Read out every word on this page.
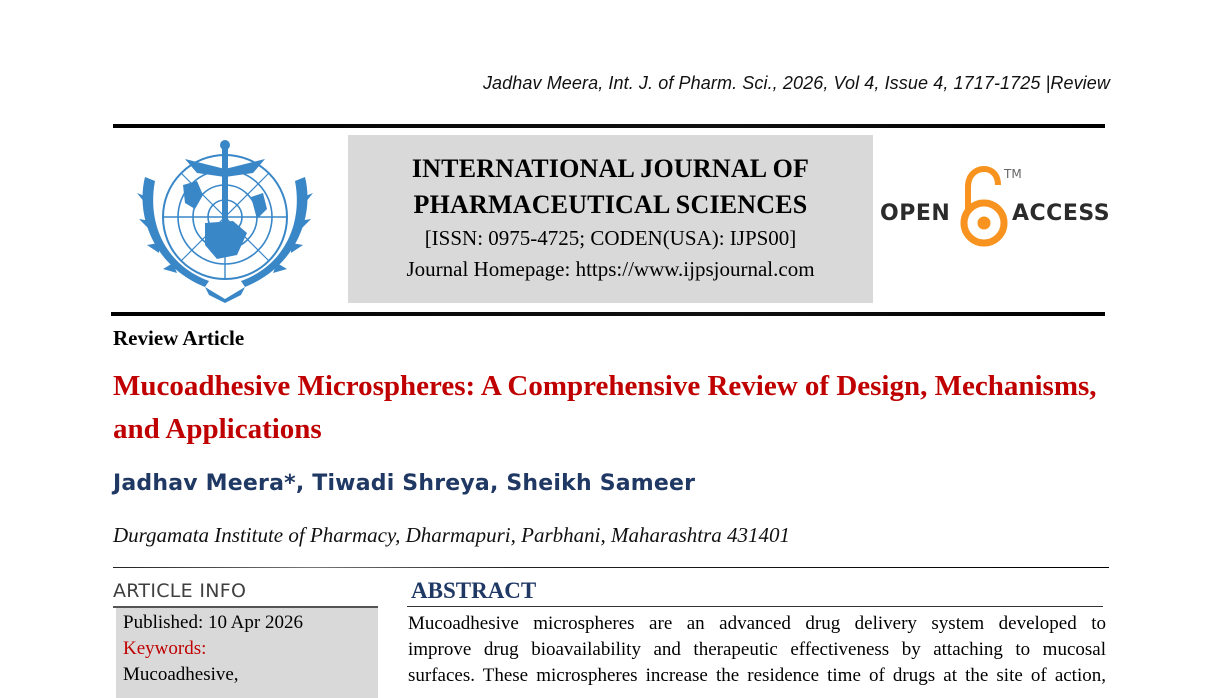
Jadhav Meera, Int. J. of Pharm. Sci., 2026, Vol 4, Issue 4, 1717-1725 |Review
INTERNATIONAL JOURNAL OF
PHARMACEUTICAL SCIENCES
[ISSN: 0975-4725; CODEN(USA): IJPS00]
Journal Homepage: https://www.ijpsjournal.com
OPEN
TM
ACCESS
Review Article
Mucoadhesive Microspheres: A Comprehensive Review of Design, Mechanisms, and Applications
Jadhav Meera*, Tiwadi Shreya, Sheikh Sameer
Durgamata Institute of Pharmacy, Dharmapuri, Parbhani, Maharashtra 431401
ARTICLE INFO
Published: 10 Apr 2026
Keywords:
Mucoadhesive,
ABSTRACT
Mucoadhesive microspheres are an advanced drug delivery system developed to
improve drug bioavailability and therapeutic effectiveness by attaching to mucosal
surfaces. These microspheres increase the residence time of drugs at the site of action,
